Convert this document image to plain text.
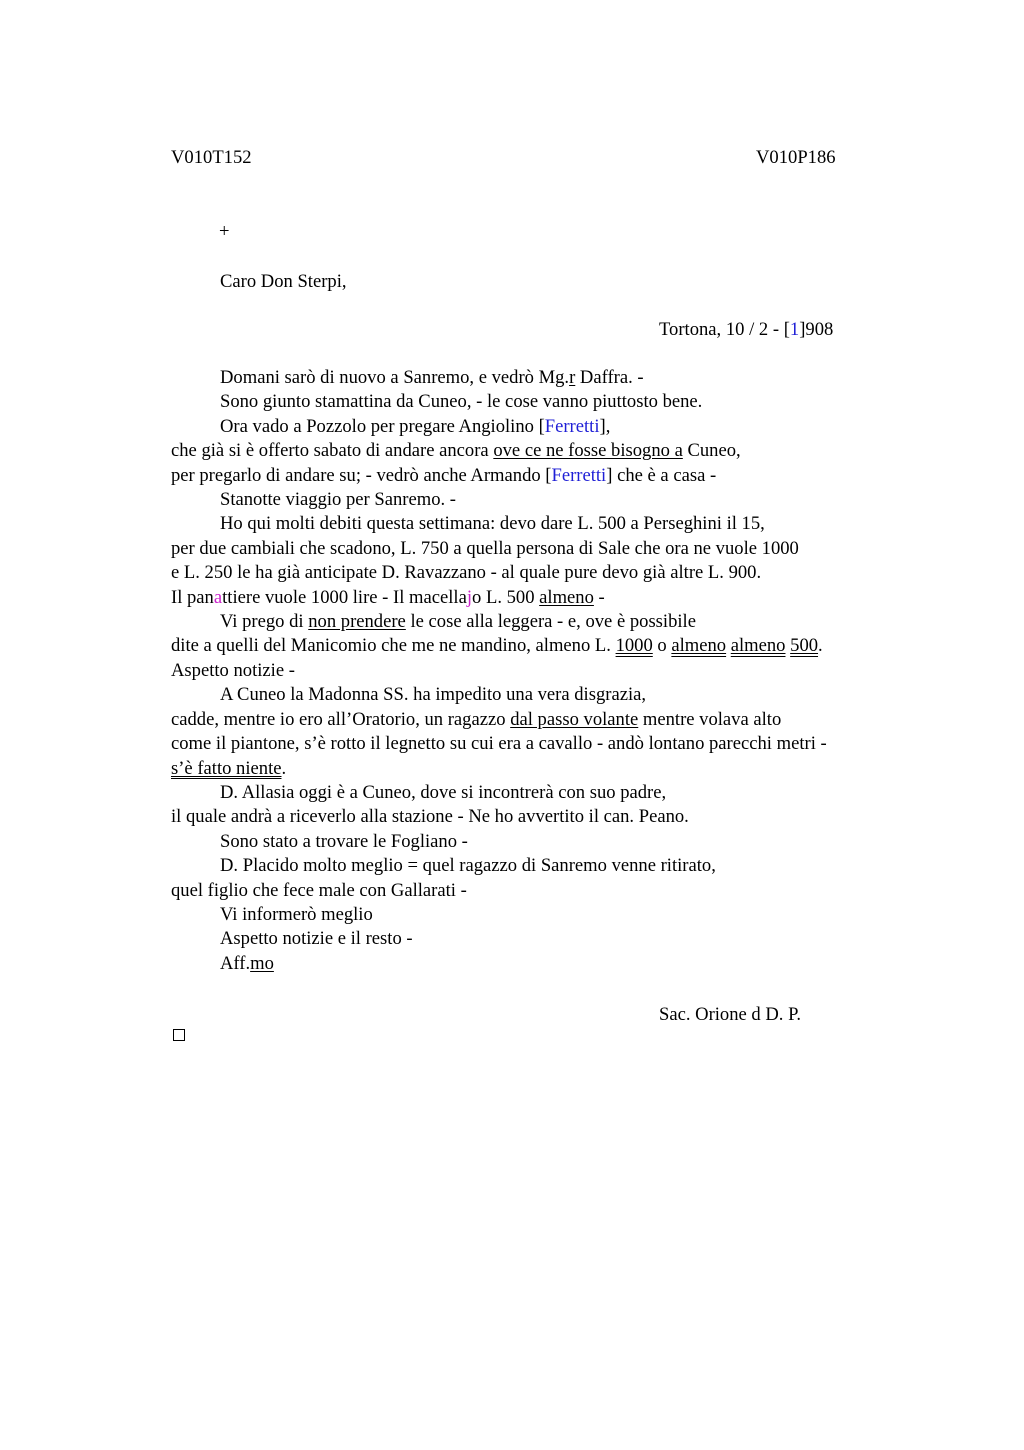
V010T152	V010P186
+
Caro Don Sterpi,
Tortona, 10 / 2 - [1]908
Domani sarò di nuovo a Sanremo, e vedrò Mg.r Daffra. -
Sono giunto stamattina da Cuneo, - le cose vanno piuttosto bene.
Ora vado a Pozzolo per pregare Angiolino [Ferretti],
che già si è offerto sabato di andare ancora ove ce ne fosse bisogno a Cuneo,
per pregarlo di andare su; - vedrò anche Armando [Ferretti] che è a casa -
Stanotte viaggio per Sanremo. -
Ho qui molti debiti questa settimana: devo dare L. 500 a Perseghini il 15,
per due cambiali che scadono, L. 750 a quella persona di Sale che ora ne vuole 1000
e L. 250 le ha già anticipate D. Ravazzano - al quale pure devo già altre L. 900.
Il panattiere vuole 1000 lire - Il macellajo L. 500 almeno -
Vi prego di non prendere le cose alla leggera - e, ove è possibile
dite a quelli del Manicomio che me ne mandino, almeno L. 1000 o almeno almeno 500.
Aspetto notizie -
A Cuneo la Madonna SS. ha impedito una vera disgrazia,
cadde, mentre io ero all’Oratorio, un ragazzo dal passo volante mentre volava alto
come il piantone, s’è rotto il legnetto su cui era a cavallo - andò lontano parecchi metri -
s’è fatto niente.
D. Allasia oggi è a Cuneo, dove si incontrerà con suo padre,
il quale andrà a riceverlo alla stazione - Ne ho avvertito il can. Peano.
Sono stato a trovare le Fogliano -
D. Placido molto meglio = quel ragazzo di Sanremo venne ritirato,
quel figlio che fece male con Gallarati -
Vi informerò meglio
Aspetto notizie e il resto -
Aff.mo
Sac. Orione d D. P.
